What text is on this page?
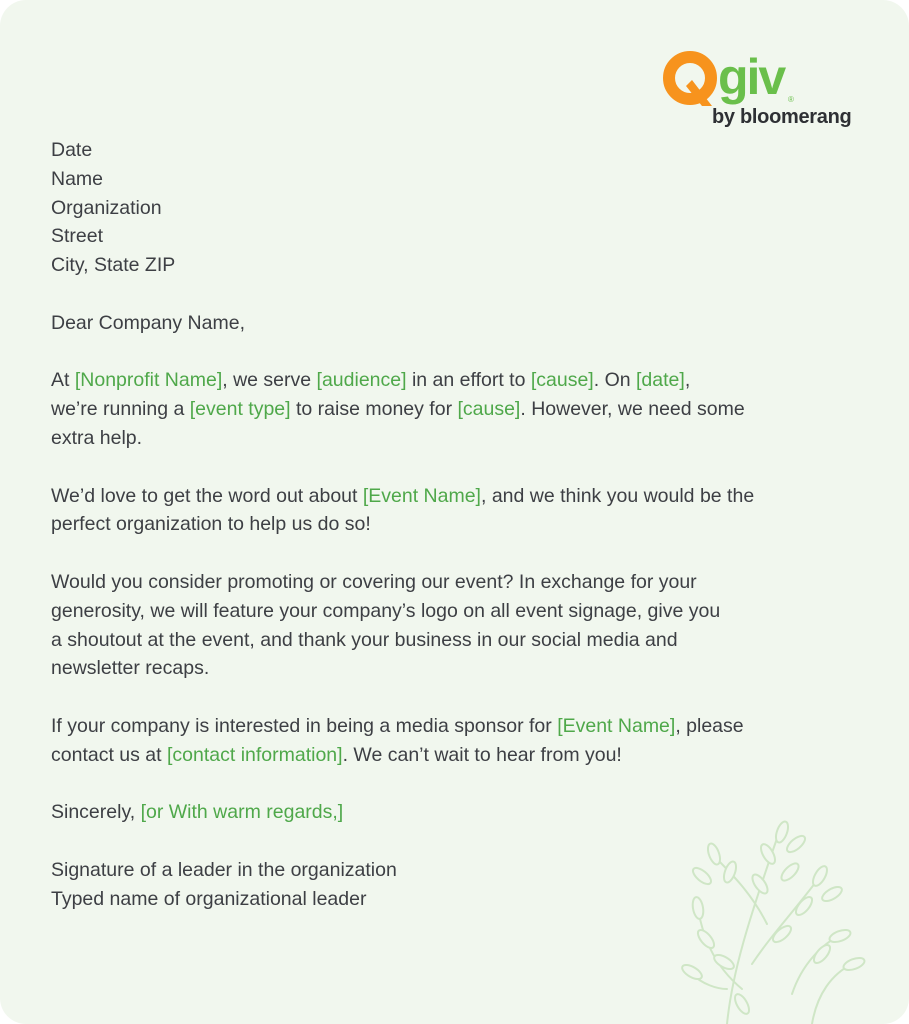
giv ®
by bloomerang

Date
Name
Organization
Street
City, State ZIP

Dear Company Name,

At [Nonprofit Name], we serve [audience] in an effort to [cause]. On [date],
we’re running a [event type] to raise money for [cause]. However, we need some
extra help.

We’d love to get the word out about [Event Name], and we think you would be the
perfect organization to help us do so!

Would you consider promoting or covering our event? In exchange for your
generosity, we will feature your company’s logo on all event signage, give you
a shoutout at the event, and thank your business in our social media and
newsletter recaps.

If your company is interested in being a media sponsor for [Event Name], please
contact us at [contact information]. We can’t wait to hear from you!

Sincerely, [or With warm regards,]

Signature of a leader in the organization
Typed name of organizational leader
